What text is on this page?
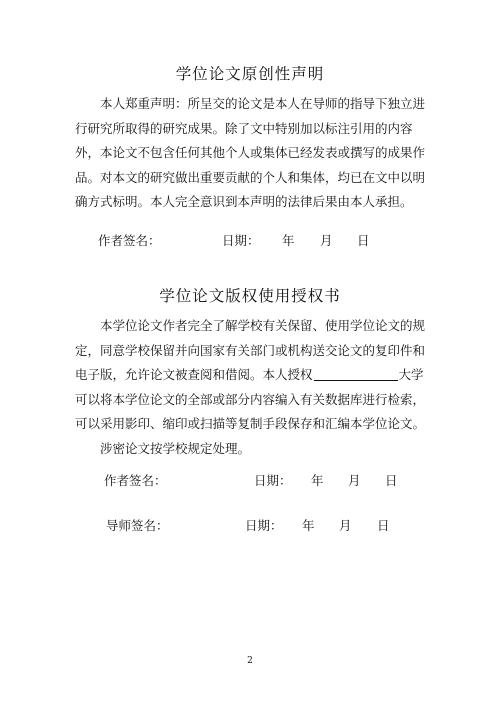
学位论文原创性声明

本人郑重声明：所呈交的论文是本人在导师的指导下独立进行研究所取得的研究成果。除了文中特别加以标注引用的内容外，本论文不包含任何其他个人或集体已经发表或撰写的成果作品。对本文的研究做出重要贡献的个人和集体，均已在文中以明确方式标明。本人完全意识到本声明的法律后果由本人承担。

作者签名：	日期： 年 月 日
学位论文版权使用授权书

本学位论文作者完全了解学校有关保留、使用学位论文的规定，同意学校保留并向国家有关部门或机构送交论文的复印件和电子版，允许论文被查阅和借阅。本人授权	大学可以将本学位论文的全部或部分内容编入有关数据库进行检索，可以采用影印、缩印或扫描等复制手段保存和汇编本学位论文。

涉密论文按学校规定处理。

作者签名：	日期： 年 月 日
导师签名：	日期： 年 月 日
2
